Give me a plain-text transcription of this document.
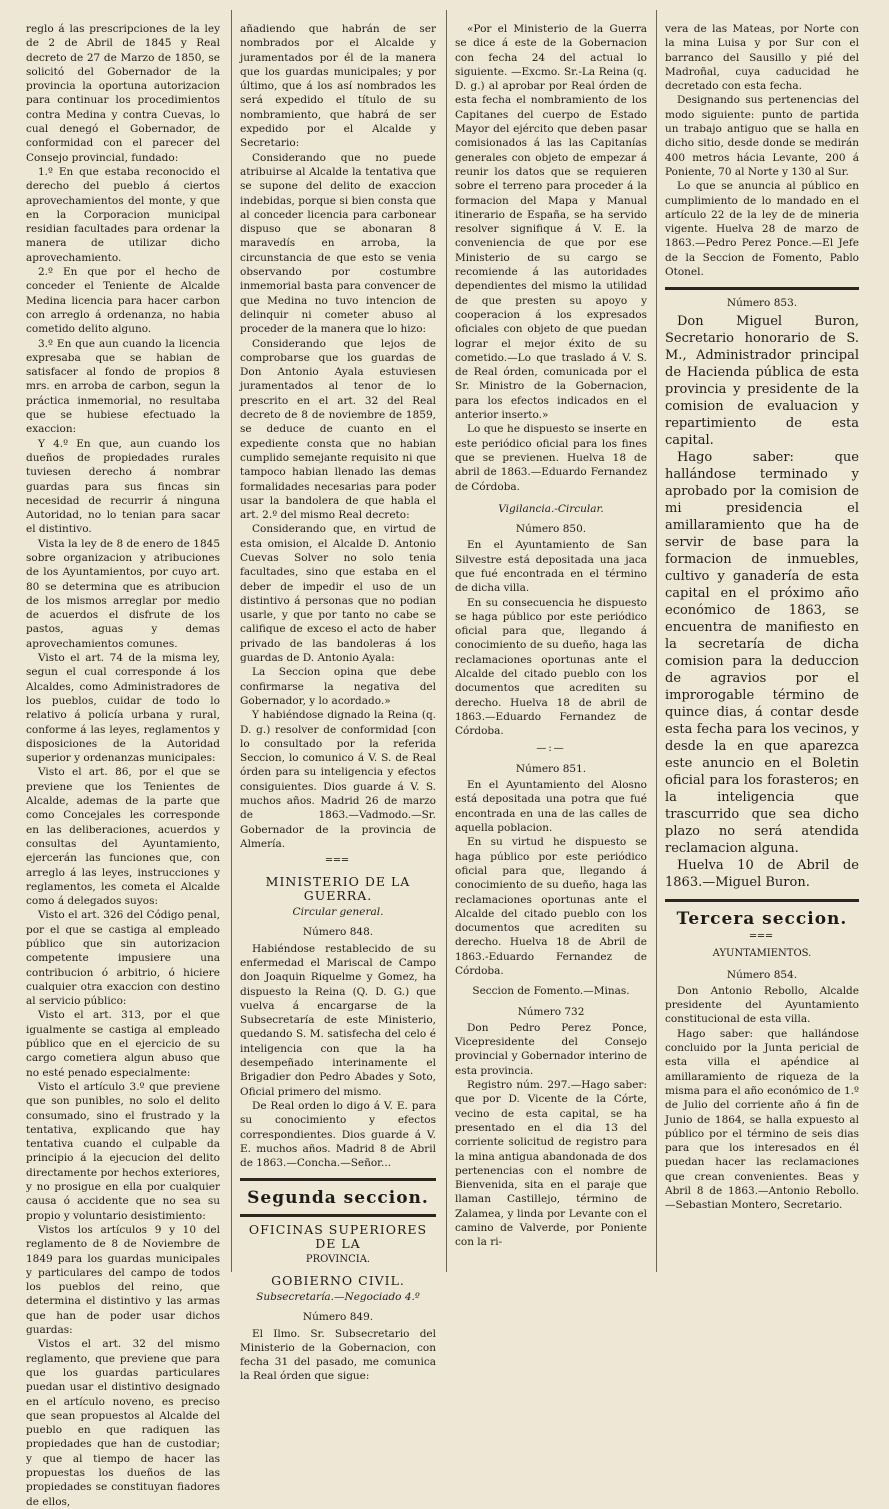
reglo á las prescripciones de la ley de 2 de Abril de 1845 y Real decreto de 27 de Marzo de 1850, se solicitó del Gobernador de la provincia la oportuna autorizacion para continuar los procedimientos contra Medina y contra Cuevas, lo cual denegó el Gobernador, de conformidad con el parecer del Consejo provincial, fundado:

1.º En que estaba reconocido el derecho del pueblo á ciertos aprovechamientos del monte, y que en la Corporacion municipal residian facultades para ordenar la manera de utilizar dicho aprovechamiento.

2.º En que por el hecho de conceder el Teniente de Alcalde Medina licencia para hacer carbon con arreglo á ordenanza, no habia cometido delito alguno.

3.º En que aun cuando la licencia expresaba que se habian de satisfacer al fondo de propios 8 mrs. en arroba de carbon, segun la práctica inmemorial, no resultaba que se hubiese efectuado la exaccion:

Y 4.º En que, aun cuando los dueños de propiedades rurales tuviesen derecho á nombrar guardas para sus fincas sin necesidad de recurrir á ninguna Autoridad, no lo tenian para sacar el distintivo.

Vista la ley de 8 de enero de 1845 sobre organizacion y atribuciones de los Ayuntamientos, por cuyo art. 80 se determina que es atribucion de los mismos arreglar por medio de acuerdos el disfrute de los pastos, aguas y demas aprovechamientos comunes.

Visto el art. 74 de la misma ley, segun el cual corresponde á los Alcaldes, como Administradores de los pueblos, cuidar de todo lo relativo á policía urbana y rural, conforme á las leyes, reglamentos y disposiciones de la Autoridad superior y ordenanzas municipales:

Visto el art. 86, por el que se previene que los Tenientes de Alcalde, ademas de la parte que como Concejales les corresponde en las deliberaciones, acuerdos y consultas del Ayuntamiento, ejercerán las funciones que, con arreglo á las leyes, instrucciones y reglamentos, les cometa el Alcalde como á delegados suyos:

Visto el art. 326 del Código penal, por el que se castiga al empleado público que sin autorizacion competente impusiere una contribucion ó arbitrio, ó hiciere cualquier otra exaccion con destino al servicio público:

Visto el art. 313, por el que igualmente se castiga al empleado público que en el ejercicio de su cargo cometiera algun abuso que no esté penado especialmente:

Visto el artículo 3.º que previene que son punibles, no solo el delito consumado, sino el frustrado y la tentativa, explicando que hay tentativa cuando el culpable da principio á la ejecucion del delito directamente por hechos exteriores, y no prosigue en ella por cualquier causa ó accidente que no sea su propio y voluntario desistimiento:

Vistos los artículos 9 y 10 del reglamento de 8 de Noviembre de 1849 para los guardas municipales y particulares del campo de todos los pueblos del reino, que determina el distintivo y las armas que han de poder usar dichos guardas:

Vistos el art. 32 del mismo reglamento, que previene que para que los guardas particulares puedan usar el distintivo designado en el artículo noveno, es preciso que sean propuestos al Alcalde del pueblo en que radiquen las propiedades que han de custodiar; y que al tiempo de hacer las propuestas los dueños de las propiedades se constituyan fiadores de ellos,

añadiendo que habrán de ser nombrados por el Alcalde y juramentados por él de la manera que los guardas municipales; y por último, que á los así nombrados les será expedido el título de su nombramiento, que habrá de ser expedido por el Alcalde y Secretario:

Considerando que no puede atribuirse al Alcalde la tentativa que se supone del delito de exaccion indebidas, porque si bien consta que al conceder licencia para carbonear dispuso que se abonaran 8 maravedís en arroba, la circunstancia de que esto se venia observando por costumbre inmemorial basta para convencer de que Medina no tuvo intencion de delinquir ni cometer abuso al proceder de la manera que lo hizo:

Considerando que lejos de comprobarse que los guardas de Don Antonio Ayala estuviesen juramentados al tenor de lo prescrito en el art. 32 del Real decreto de 8 de noviembre de 1859, se deduce de cuanto en el expediente consta que no habian cumplido semejante requisito ni que tampoco habian llenado las demas formalidades necesarias para poder usar la bandolera de que habla el art. 2.º del mismo Real decreto:

Considerando que, en virtud de esta omision, el Alcalde D. Antonio Cuevas Solver no solo tenia facultades, sino que estaba en el deber de impedir el uso de un distintivo á personas que no podian usarle, y que por tanto no cabe se califique de exceso el acto de haber privado de las bandoleras á los guardas de D. Antonio Ayala:

La Seccion opina que debe confirmarse la negativa del Gobernador, y lo acordado.»

Y habiéndose dignado la Reina (q. D. g.) resolver de conformidad [con lo consultado por la referida Seccion, lo comunico á V. S. de Real órden para su inteligencia y efectos consiguientes. Dios guarde á V. S. muchos años. Madrid 26 de marzo de 1863.—Vadmodo.—Sr. Gobernador de la provincia de Almería.

═══
MINISTERIO DE LA GUERRA.
Circular general.
Número 848.

Habiéndose restablecido de su enfermedad el Mariscal de Campo don Joaquin Riquelme y Gomez, ha dispuesto la Reina (Q. D. G.) que vuelva á encargarse de la Subsecretaría de este Ministerio, quedando S. M. satisfecha del celo é inteligencia con que la ha desempeñado interinamente el Brigadier don Pedro Abades y Soto, Oficial primero del mismo.

De Real orden lo digo á V. E. para su conocimiento y efectos correspondientes. Dios guarde á V. E. muchos años. Madrid 8 de Abril de 1863.—Concha.—Señor...

Segunda seccion.
OFICINAS SUPERIORES DE LA
PROVINCIA.
GOBIERNO CIVIL.
Subsecretaría.—Negociado 4.º
Número 849.

El Ilmo. Sr. Subsecretario del Ministerio de la Gobernacion, con fecha 31 del pasado, me comunica la Real órden que sigue:

«Por el Ministerio de la Guerra se dice á este de la Gobernacion con fecha 24 del actual lo siguiente. —Excmo. Sr.-La Reina (q. D. g.) al aprobar por Real órden de esta fecha el nombramiento de los Capitanes del cuerpo de Estado Mayor del ejército que deben pasar comisionados á las las Capitanías generales con objeto de empezar á reunir los datos que se requieren sobre el terreno para proceder á la formacion del Mapa y Manual itinerario de España, se ha servido resolver signifique á V. E. la conveniencia de que por ese Ministerio de su cargo se recomiende á las autoridades dependientes del mismo la utilidad de que presten su apoyo y cooperacion á los expresados oficiales con objeto de que puedan lograr el mejor éxito de su cometido.—Lo que traslado á V. S. de Real órden, comunicada por el Sr. Ministro de la Gobernacion, para los efectos indicados en el anterior inserto.»

Lo que he dispuesto se inserte en este periódico oficial para los fines que se previenen. Huelva 18 de abril de 1863.—Eduardo Fernandez de Córdoba.

Vigilancia.-Circular.
Número 850.

En el Ayuntamiento de San Silvestre está depositada una jaca que fué encontrada en el término de dicha villa.

En su consecuencia he dispuesto se haga público por este periódico oficial para que, llegando á conocimiento de su dueño, haga las reclamaciones oportunas ante el Alcalde del citado pueblo con los documentos que acrediten su derecho. Huelva 18 de abril de 1863.—Eduardo Fernandez de Córdoba.

—:—
Número 851.

En el Ayuntamiento del Alosno está depositada una potra que fué encontrada en una de las calles de aquella poblacion.

En su virtud he dispuesto se haga público por este periódico oficial para que, llegando á conocimiento de su dueño, haga las reclamaciones oportunas ante el Alcalde del citado pueblo con los documentos que acrediten su derecho. Huelva 18 de Abril de 1863.-Eduardo Fernandez de Córdoba.

Seccion de Fomento.—Minas.
Número 732

Don Pedro Perez Ponce, Vicepresidente del Consejo provincial y Gobernador interino de esta provincia.

Registro núm. 297.—Hago saber: que por D. Vicente de la Córte, vecino de esta capital, se ha presentado en el dia 13 del corriente solicitud de registro para la mina antigua abandonada de dos pertenencias con el nombre de Bienvenida, sita en el paraje que llaman Castillejo, término de Zalamea, y linda por Levante con el camino de Valverde, por Poniente con la ri-

vera de las Mateas, por Norte con la mina Luisa y por Sur con el barranco del Sausillo y pié del Madroñal, cuya caducidad he decretado con esta fecha.

Designando sus pertenencias del modo siguiente: punto de partida un trabajo antiguo que se halla en dicho sitio, desde donde se medirán 400 metros hácia Levante, 200 á Poniente, 70 al Norte y 130 al Sur.

Lo que se anuncia al público en cumplimiento de lo mandado en el artículo 22 de la ley de de mineria vigente. Huelva 28 de marzo de 1863.—Pedro Perez Ponce.—El Jefe de la Seccion de Fomento, Pablo Otonel.

Número 853.

Don Miguel Buron, Secretario honorario de S. M., Administrador principal de Hacienda pública de esta provincia y presidente de la comision de evaluacion y repartimiento de esta capital.

Hago saber: que hallándose terminado y aprobado por la comision de mi presidencia el amillaramiento que ha de servir de base para la formacion de inmuebles, cultivo y ganadería de esta capital en el próximo año económico de 1863, se encuentra de manifiesto en la secretaría de dicha comision para la deduccion de agravios por el improrogable término de quince dias, á contar desde esta fecha para los vecinos, y desde la en que aparezca este anuncio en el Boletin oficial para los forasteros; en la inteligencia que trascurrido que sea dicho plazo no será atendida reclamacion alguna.

Huelva 10 de Abril de 1863.—Miguel Buron.

Tercera seccion.
═══
AYUNTAMIENTOS.
Número 854.

Don Antonio Rebollo, Alcalde presidente del Ayuntamiento constitucional de esta villa.

Hago saber: que hallándose concluido por la Junta pericial de esta villa el apéndice al amillaramiento de riqueza de la misma para el año económico de 1.º de Julio del corriente año á fin de Junio de 1864, se halla expuesto al público por el término de seis dias para que los interesados en él puedan hacer las reclamaciones que crean convenientes. Beas y Abril 8 de 1863.—Antonio Rebollo.—Sebastian Montero, Secretario.
